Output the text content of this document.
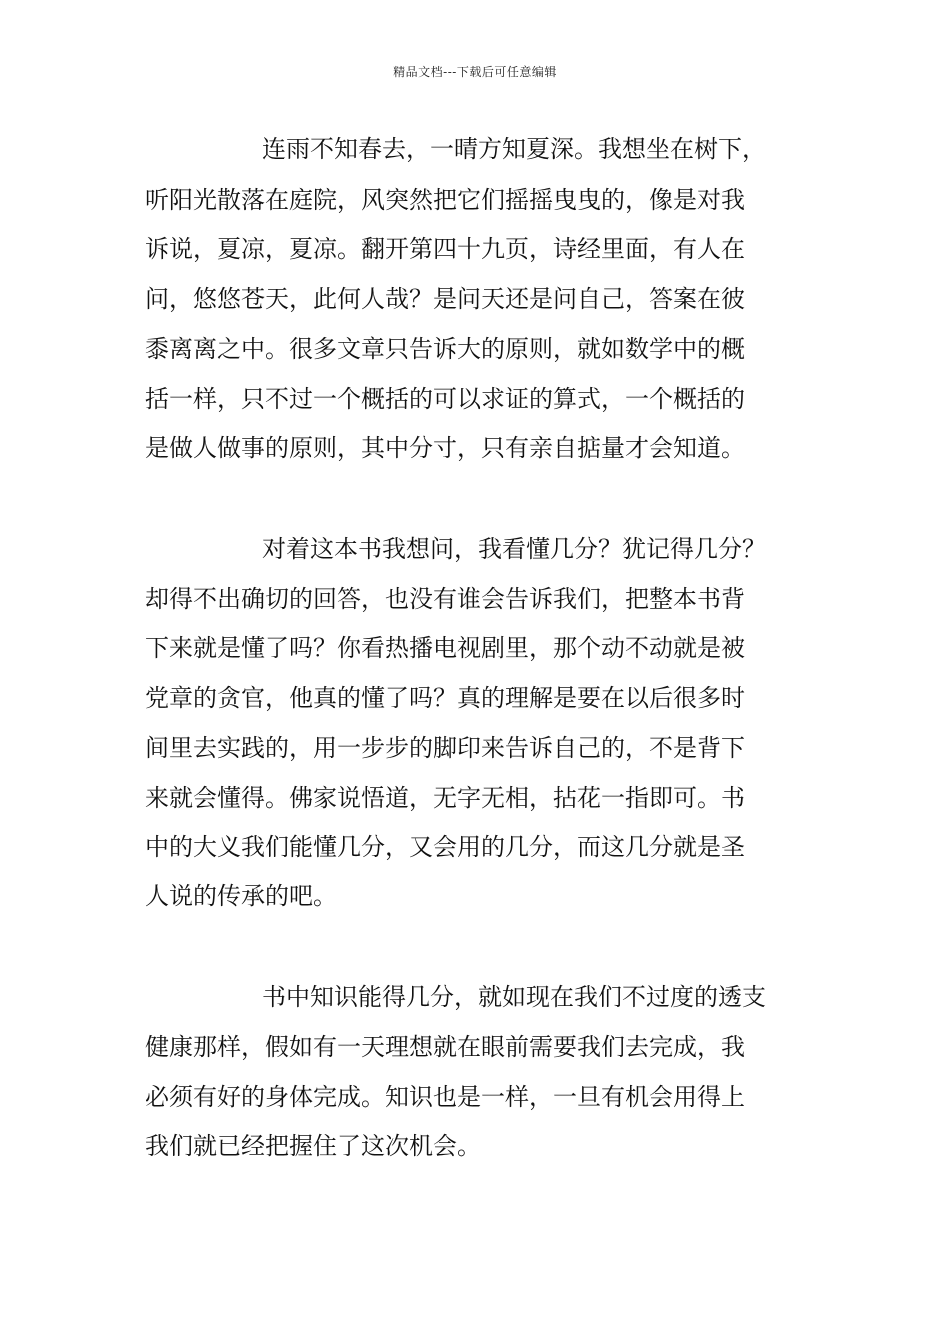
精品文档---下载后可任意编辑
连雨不知春去，一晴方知夏深。我想坐在树下，
听阳光散落在庭院，风突然把它们摇摇曳曳的，像是对我
诉说，夏凉，夏凉。翻开第四十九页，诗经里面，有人在
问，悠悠苍天，此何人哉？是问天还是问自己，答案在彼
黍离离之中。很多文章只告诉大的原则，就如数学中的概
括一样，只不过一个概括的可以求证的算式，一个概括的
是做人做事的原则，其中分寸，只有亲自掂量才会知道。
对着这本书我想问，我看懂几分？犹记得几分？
却得不出确切的回答，也没有谁会告诉我们，把整本书背
下来就是懂了吗？你看热播电视剧里，那个动不动就是被
党章的贪官，他真的懂了吗？真的理解是要在以后很多时
间里去实践的，用一步步的脚印来告诉自己的，不是背下
来就会懂得。佛家说悟道，无字无相，拈花一指即可。书
中的大义我们能懂几分，又会用的几分，而这几分就是圣
人说的传承的吧。
书中知识能得几分，就如现在我们不过度的透支
健康那样，假如有一天理想就在眼前需要我们去完成，我
必须有好的身体完成。知识也是一样，一旦有机会用得上
我们就已经把握住了这次机会。
